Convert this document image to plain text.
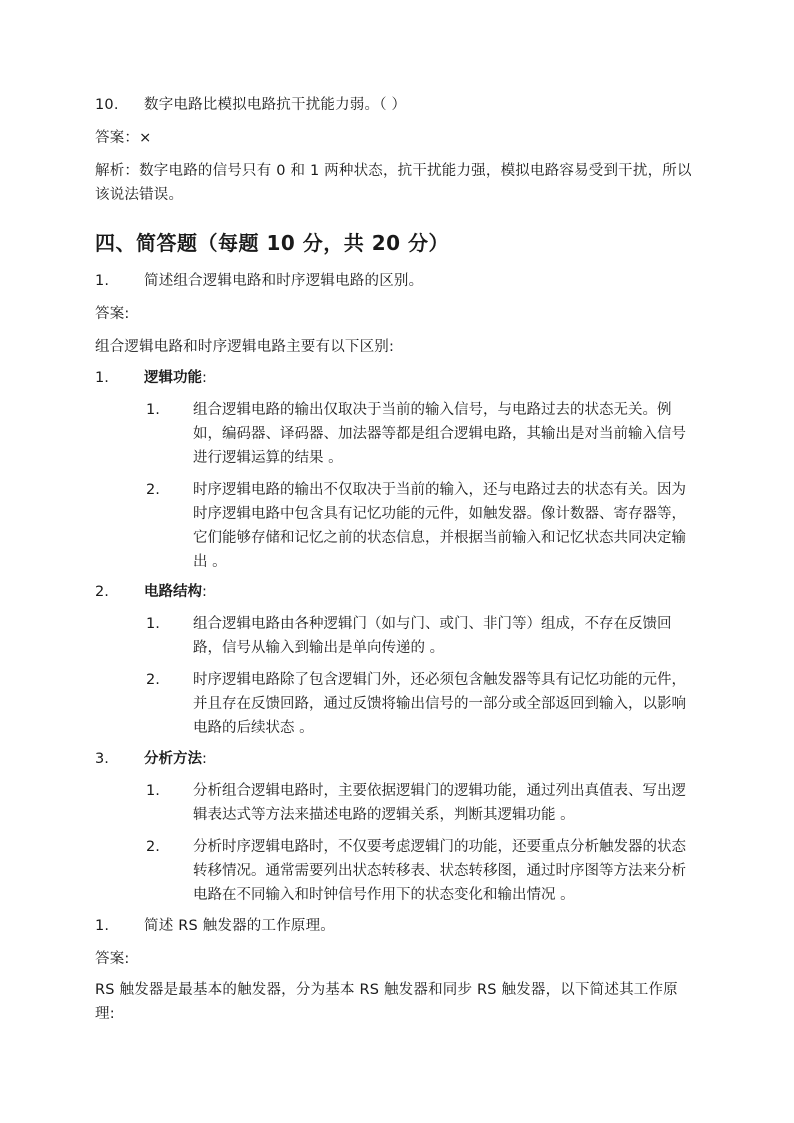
10. 数字电路比模拟电路抗干扰能力弱。（ ）
答案：×
解析：数字电路的信号只有 0 和 1 两种状态，抗干扰能力强，模拟电路容易受到干扰，所以
该说法错误。
四、简答题（每题 10 分，共 20 分）
1. 简述组合逻辑电路和时序逻辑电路的区别。
答案:
组合逻辑电路和时序逻辑电路主要有以下区别:
1. 逻辑功能:
1.	组合逻辑电路的输出仅取决于当前的输入信号，与电路过去的状态无关。例
如，编码器、译码器、加法器等都是组合逻辑电路，其输出是对当前输入信号
进行逻辑运算的结果 。
2.	时序逻辑电路的输出不仅取决于当前的输入，还与电路过去的状态有关。因为
时序逻辑电路中包含具有记忆功能的元件，如触发器。像计数器、寄存器等，
它们能够存储和记忆之前的状态信息，并根据当前输入和记忆状态共同决定输
出 。
2. 电路结构:
1.	组合逻辑电路由各种逻辑门（如与门、或门、非门等）组成，不存在反馈回
路，信号从输入到输出是单向传递的 。
2.	时序逻辑电路除了包含逻辑门外，还必须包含触发器等具有记忆功能的元件，
并且存在反馈回路，通过反馈将输出信号的一部分或全部返回到输入，以影响
电路的后续状态 。
3. 分析方法:
1.	分析组合逻辑电路时，主要依据逻辑门的逻辑功能，通过列出真值表、写出逻
辑表达式等方法来描述电路的逻辑关系，判断其逻辑功能 。
2.	分析时序逻辑电路时，不仅要考虑逻辑门的功能，还要重点分析触发器的状态
转移情况。通常需要列出状态转移表、状态转移图，通过时序图等方法来分析
电路在不同输入和时钟信号作用下的状态变化和输出情况 。
1. 简述 RS 触发器的工作原理。
答案:
RS 触发器是最基本的触发器，分为基本 RS 触发器和同步 RS 触发器，以下简述其工作原
理:
